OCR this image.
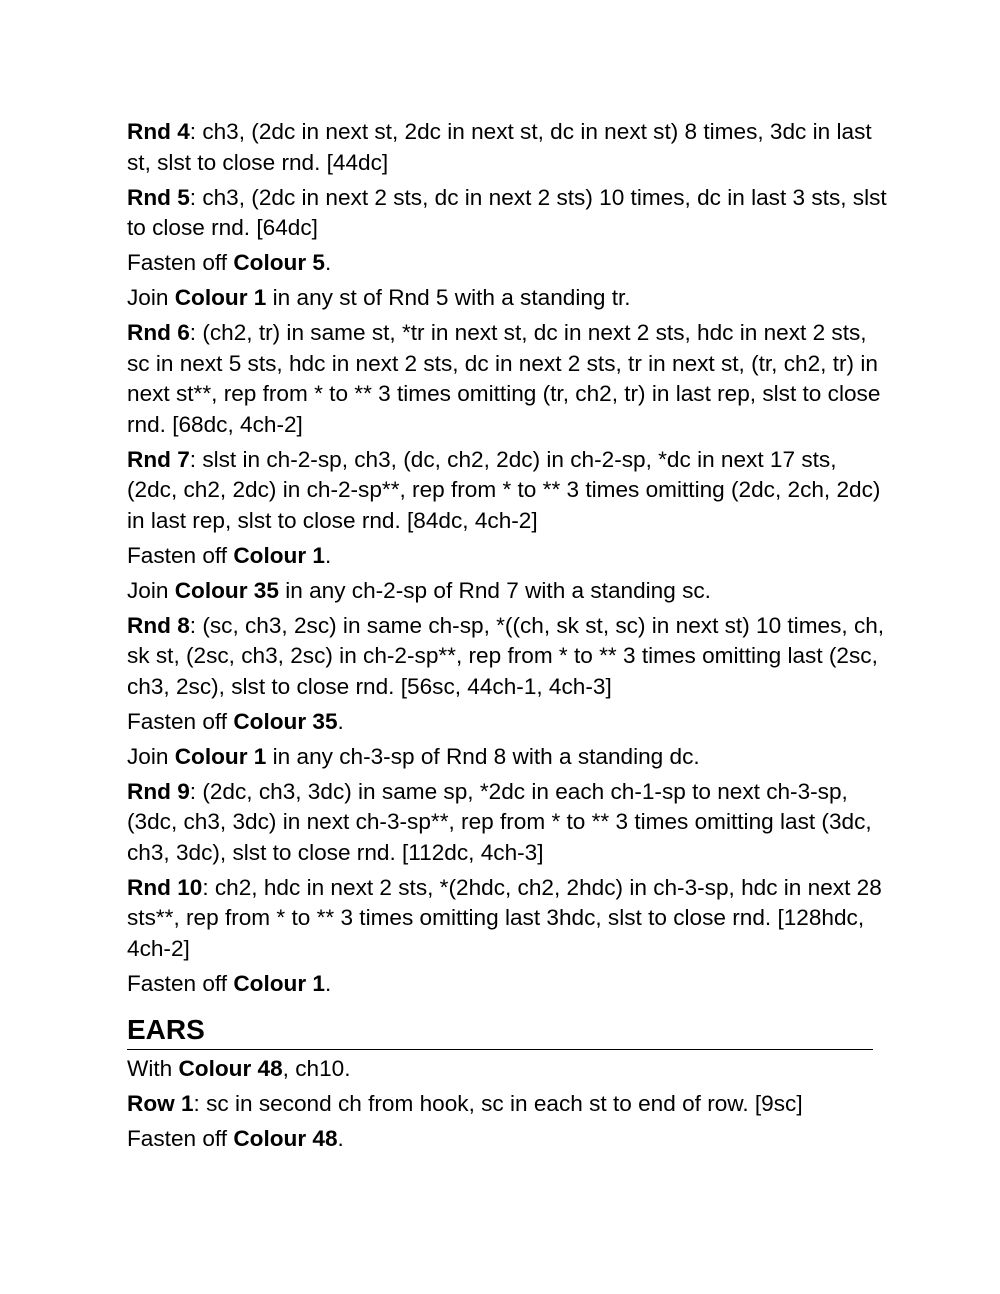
Rnd 4: ch3, (2dc in next st, 2dc in next st, dc in next st) 8 times, 3dc in last st, slst to close rnd. [44dc]

Rnd 5: ch3, (2dc in next 2 sts, dc in next 2 sts) 10 times, dc in last 3 sts, slst to close rnd. [64dc]

Fasten off Colour 5.

Join Colour 1 in any st of Rnd 5 with a standing tr.

Rnd 6: (ch2, tr) in same st, *tr in next st, dc in next 2 sts, hdc in next 2 sts, sc in next 5 sts, hdc in next 2 sts, dc in next 2 sts, tr in next st, (tr, ch2, tr) in next st**, rep from * to ** 3 times omitting (tr, ch2, tr) in last rep, slst to close rnd. [68dc, 4ch-2]

Rnd 7: slst in ch-2-sp, ch3, (dc, ch2, 2dc) in ch-2-sp, *dc in next 17 sts, (2dc, ch2, 2dc) in ch-2-sp**, rep from * to ** 3 times omitting (2dc, 2ch, 2dc) in last rep, slst to close rnd. [84dc, 4ch-2]

Fasten off Colour 1.

Join Colour 35 in any ch-2-sp of Rnd 7 with a standing sc.

Rnd 8: (sc, ch3, 2sc) in same ch-sp, *((ch, sk st, sc) in next st) 10 times, ch, sk st, (2sc, ch3, 2sc) in ch-2-sp**, rep from * to ** 3 times omitting last (2sc, ch3, 2sc), slst to close rnd. [56sc, 44ch-1, 4ch-3]

Fasten off Colour 35.

Join Colour 1 in any ch-3-sp of Rnd 8 with a standing dc.

Rnd 9: (2dc, ch3, 3dc) in same sp, *2dc in each ch-1-sp to next ch-3-sp, (3dc, ch3, 3dc) in next ch-3-sp**, rep from * to ** 3 times omitting last (3dc, ch3, 3dc), slst to close rnd. [112dc, 4ch-3]

Rnd 10: ch2, hdc in next 2 sts, *(2hdc, ch2, 2hdc) in ch-3-sp, hdc in next 28 sts**, rep from * to ** 3 times omitting last 3hdc, slst to close rnd. [128hdc, 4ch-2]

Fasten off Colour 1.

EARS

With Colour 48, ch10.

Row 1: sc in second ch from hook, sc in each st to end of row. [9sc]

Fasten off Colour 48.
